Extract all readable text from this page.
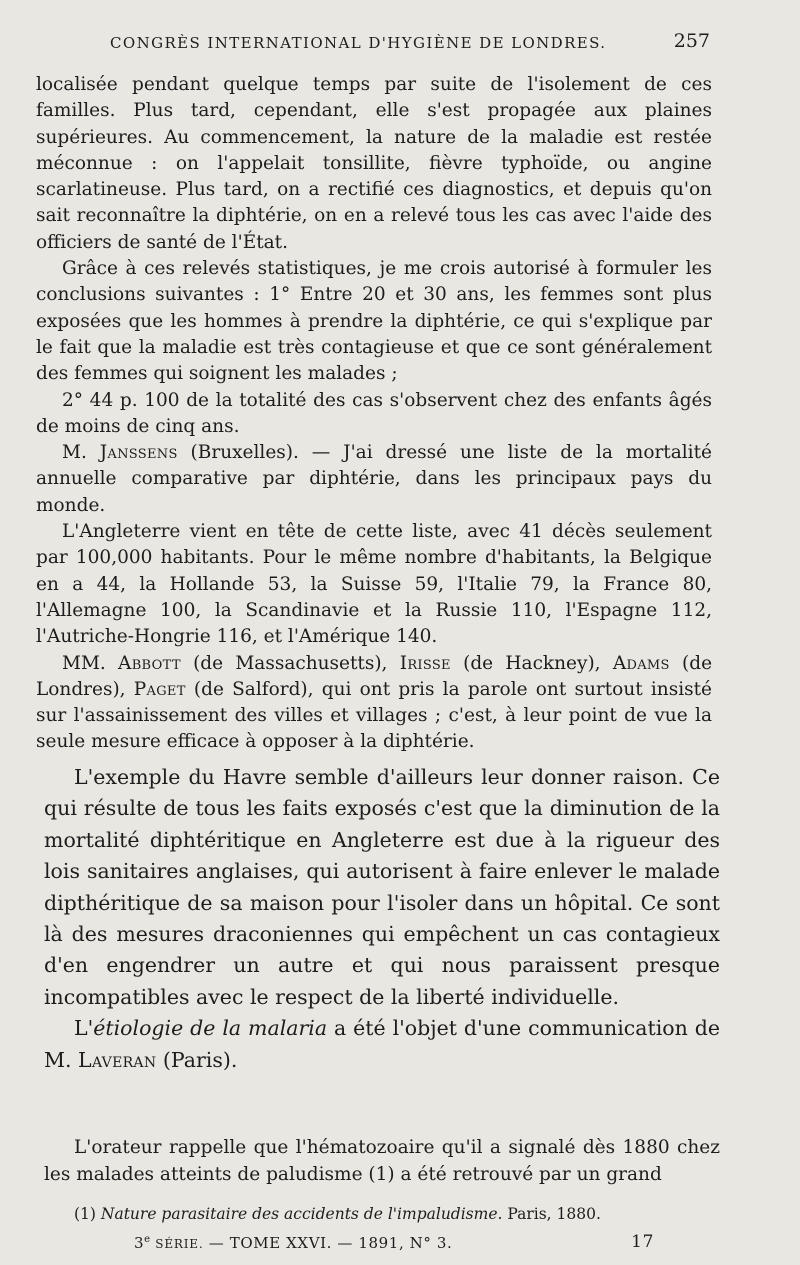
CONGRÈS INTERNATIONAL D'HYGIÈNE DE LONDRES.	257

localisée pendant quelque temps par suite de l'isolement de ces familles. Plus tard, cependant, elle s'est propagée aux plaines supérieures. Au commencement, la nature de la maladie est restée méconnue : on l'appelait tonsillite, fièvre typhoïde, ou angine scarlatineuse. Plus tard, on a rectifié ces diagnostics, et depuis qu'on sait reconnaître la diphtérie, on en a relevé tous les cas avec l'aide des officiers de santé de l'État.

Grâce à ces relevés statistiques, je me crois autorisé à formuler les conclusions suivantes : 1° Entre 20 et 30 ans, les femmes sont plus exposées que les hommes à prendre la diphtérie, ce qui s'explique par le fait que la maladie est très contagieuse et que ce sont généralement des femmes qui soignent les malades ;

2° 44 p. 100 de la totalité des cas s'observent chez des enfants âgés de moins de cinq ans.

M. Janssens (Bruxelles). — J'ai dressé une liste de la mortalité annuelle comparative par diphtérie, dans les principaux pays du monde.

L'Angleterre vient en tête de cette liste, avec 41 décès seulement par 100,000 habitants. Pour le même nombre d'habitants, la Belgique en a 44, la Hollande 53, la Suisse 59, l'Italie 79, la France 80, l'Allemagne 100, la Scandinavie et la Russie 110, l'Espagne 112, l'Autriche-Hongrie 116, et l'Amérique 140.

MM. Abbott (de Massachusetts), Irisse (de Hackney), Adams (de Londres), Paget (de Salford), qui ont pris la parole ont surtout insisté sur l'assainissement des villes et villages ; c'est, à leur point de vue la seule mesure efficace à opposer à la diphtérie.

L'exemple du Havre semble d'ailleurs leur donner raison. Ce qui résulte de tous les faits exposés c'est que la diminution de la mortalité diphtéritique en Angleterre est due à la rigueur des lois sanitaires anglaises, qui autorisent à faire enlever le malade dipthéritique de sa maison pour l'isoler dans un hôpital. Ce sont là des mesures draconiennes qui empêchent un cas contagieux d'en engendrer un autre et qui nous paraissent presque incompatibles avec le respect de la liberté individuelle.

L'étiologie de la malaria a été l'objet d'une communication de M. Laveran (Paris).

L'orateur rappelle que l'hématozoaire qu'il a signalé dès 1880 chez les malades atteints de paludisme (1) a été retrouvé par un grand

(1) Nature parasitaire des accidents de l'impaludisme. Paris, 1880.
3e SÉRIE. — TOME XXVI. — 1891, N° 3.	17
